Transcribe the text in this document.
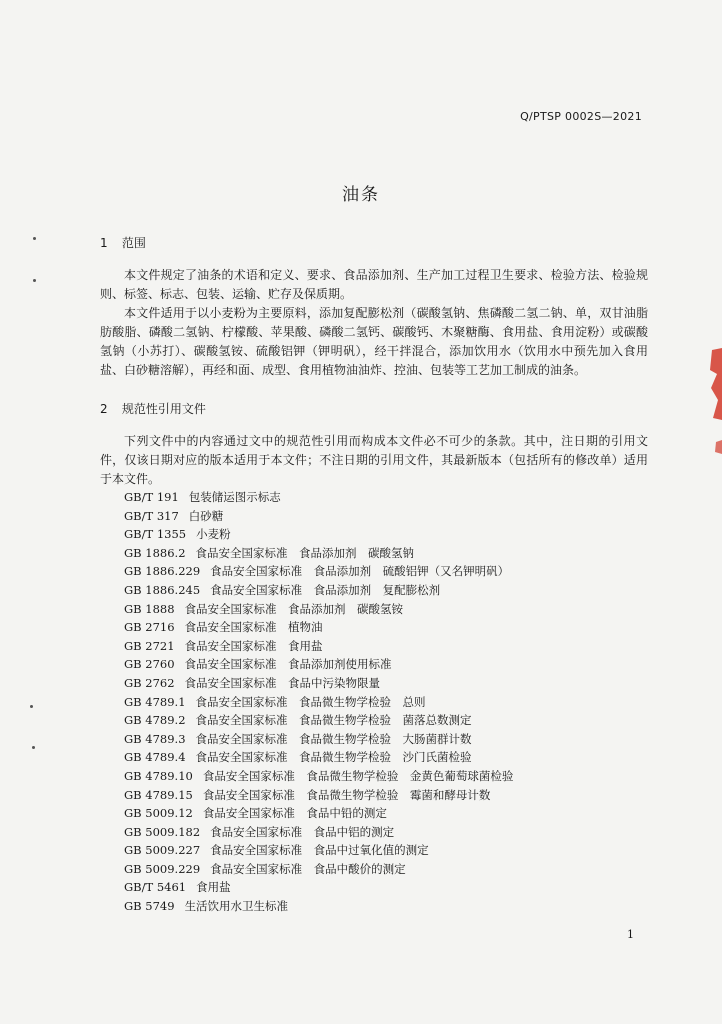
Q/PTSP 0002S—2021
油条
1 范围

本文件规定了油条的术语和定义、要求、食品添加剂、生产加工过程卫生要求、检验方法、检验规则、标签、标志、包装、运输、贮存及保质期。

本文件适用于以小麦粉为主要原料，添加复配膨松剂（碳酸氢钠、焦磷酸二氢二钠、单，双甘油脂肪酸脂、磷酸二氢钠、柠檬酸、苹果酸、磷酸二氢钙、碳酸钙、木聚糖酶、食用盐、食用淀粉）或碳酸氢钠（小苏打）、碳酸氢铵、硫酸铝钾（钾明矾），经干拌混合，添加饮用水（饮用水中预先加入食用盐、白砂糖溶解），再经和面、成型、食用植物油油炸、控油、包装等工艺加工制成的油条。

2 规范性引用文件

下列文件中的内容通过文中的规范性引用而构成本文件必不可少的条款。其中，注日期的引用文件，仅该日期对应的版本适用于本文件；不注日期的引用文件，其最新版本（包括所有的修改单）适用于本文件。

GB/T 191 包装储运图示标志
GB/T 317 白砂糖
GB/T 1355 小麦粉
GB 1886.2 食品安全国家标准　食品添加剂　碳酸氢钠
GB 1886.229 食品安全国家标准　食品添加剂　硫酸铝钾（又名钾明矾）
GB 1886.245 食品安全国家标准　食品添加剂　复配膨松剂
GB 1888 食品安全国家标准　食品添加剂　碳酸氢铵
GB 2716 食品安全国家标准　植物油
GB 2721 食品安全国家标准　食用盐
GB 2760 食品安全国家标准　食品添加剂使用标准
GB 2762 食品安全国家标准　食品中污染物限量
GB 4789.1 食品安全国家标准　食品微生物学检验　总则
GB 4789.2 食品安全国家标准　食品微生物学检验　菌落总数测定
GB 4789.3 食品安全国家标准　食品微生物学检验　大肠菌群计数
GB 4789.4 食品安全国家标准　食品微生物学检验　沙门氏菌检验
GB 4789.10 食品安全国家标准　食品微生物学检验　金黄色葡萄球菌检验
GB 4789.15 食品安全国家标准　食品微生物学检验　霉菌和酵母计数
GB 5009.12 食品安全国家标准　食品中铅的测定
GB 5009.182 食品安全国家标准　食品中铝的测定
GB 5009.227 食品安全国家标准　食品中过氧化值的测定
GB 5009.229 食品安全国家标准　食品中酸价的测定
GB/T 5461 食用盐
GB 5749 生活饮用水卫生标准
1
